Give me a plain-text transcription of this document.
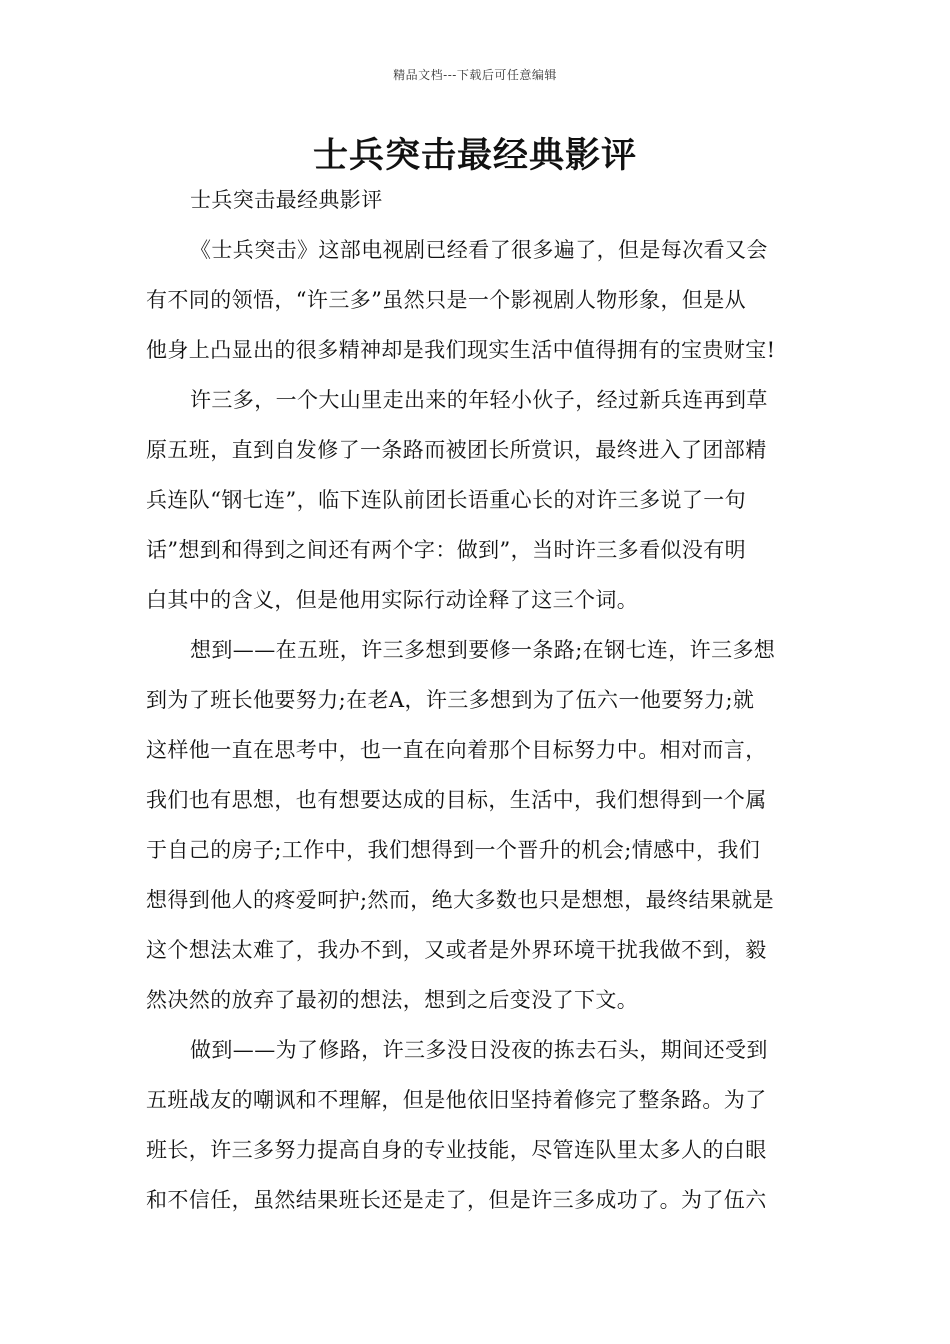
精品文档---下载后可任意编辑
士兵突击最经典影评
士兵突击最经典影评
《士兵突击》这部电视剧已经看了很多遍了，但是每次看又会
有不同的领悟，“许三多”虽然只是一个影视剧人物形象，但是从
他身上凸显出的很多精神却是我们现实生活中值得拥有的宝贵财宝!
许三多，一个大山里走出来的年轻小伙子，经过新兵连再到草
原五班，直到自发修了一条路而被团长所赏识，最终进入了团部精
兵连队“钢七连”，临下连队前团长语重心长的对许三多说了一句
话”想到和得到之间还有两个字：做到”，当时许三多看似没有明
白其中的含义，但是他用实际行动诠释了这三个词。
想到——在五班，许三多想到要修一条路;在钢七连，许三多想
到为了班长他要努力;在老A，许三多想到为了伍六一他要努力;就
这样他一直在思考中，也一直在向着那个目标努力中。相对而言，
我们也有思想，也有想要达成的目标，生活中，我们想得到一个属
于自己的房子;工作中，我们想得到一个晋升的机会;情感中，我们
想得到他人的疼爱呵护;然而，绝大多数也只是想想，最终结果就是
这个想法太难了，我办不到，又或者是外界环境干扰我做不到，毅
然决然的放弃了最初的想法，想到之后变没了下文。
做到——为了修路，许三多没日没夜的拣去石头，期间还受到
五班战友的嘲讽和不理解，但是他依旧坚持着修完了整条路。为了
班长，许三多努力提高自身的专业技能，尽管连队里太多人的白眼
和不信任，虽然结果班长还是走了，但是许三多成功了。为了伍六
